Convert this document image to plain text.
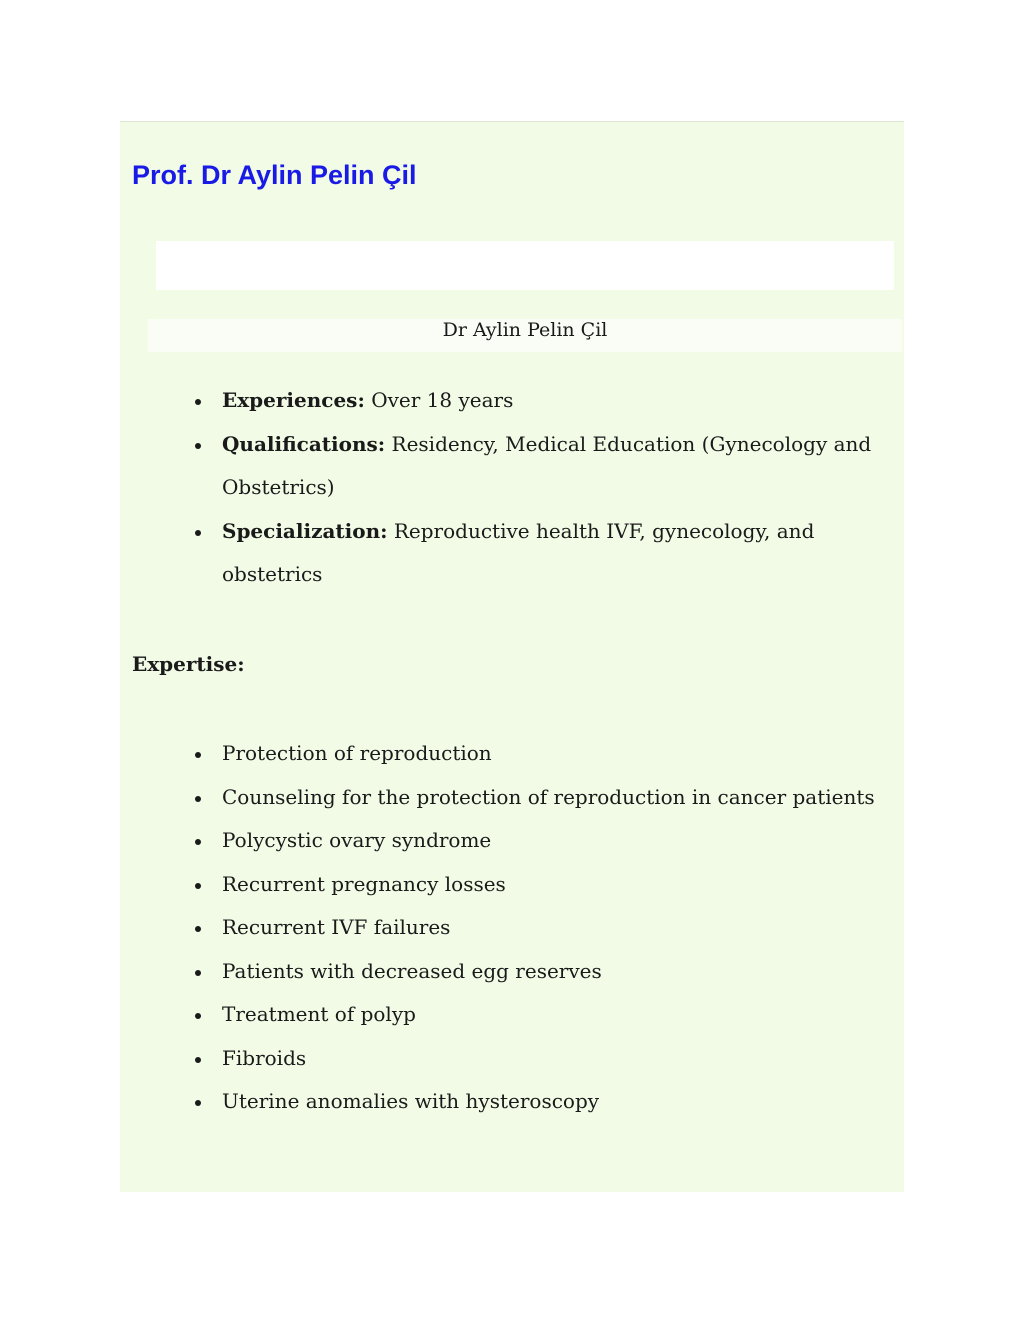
Prof. Dr Aylin Pelin Çil
Dr Aylin Pelin Çil
Experiences: Over 18 years
Qualifications: Residency, Medical Education (Gynecology and Obstetrics)
Specialization: Reproductive health IVF, gynecology, and obstetrics
Expertise:
Protection of reproduction
Counseling for the protection of reproduction in cancer patients
Polycystic ovary syndrome
Recurrent pregnancy losses
Recurrent IVF failures
Patients with decreased egg reserves
Treatment of polyp
Fibroids
Uterine anomalies with hysteroscopy
